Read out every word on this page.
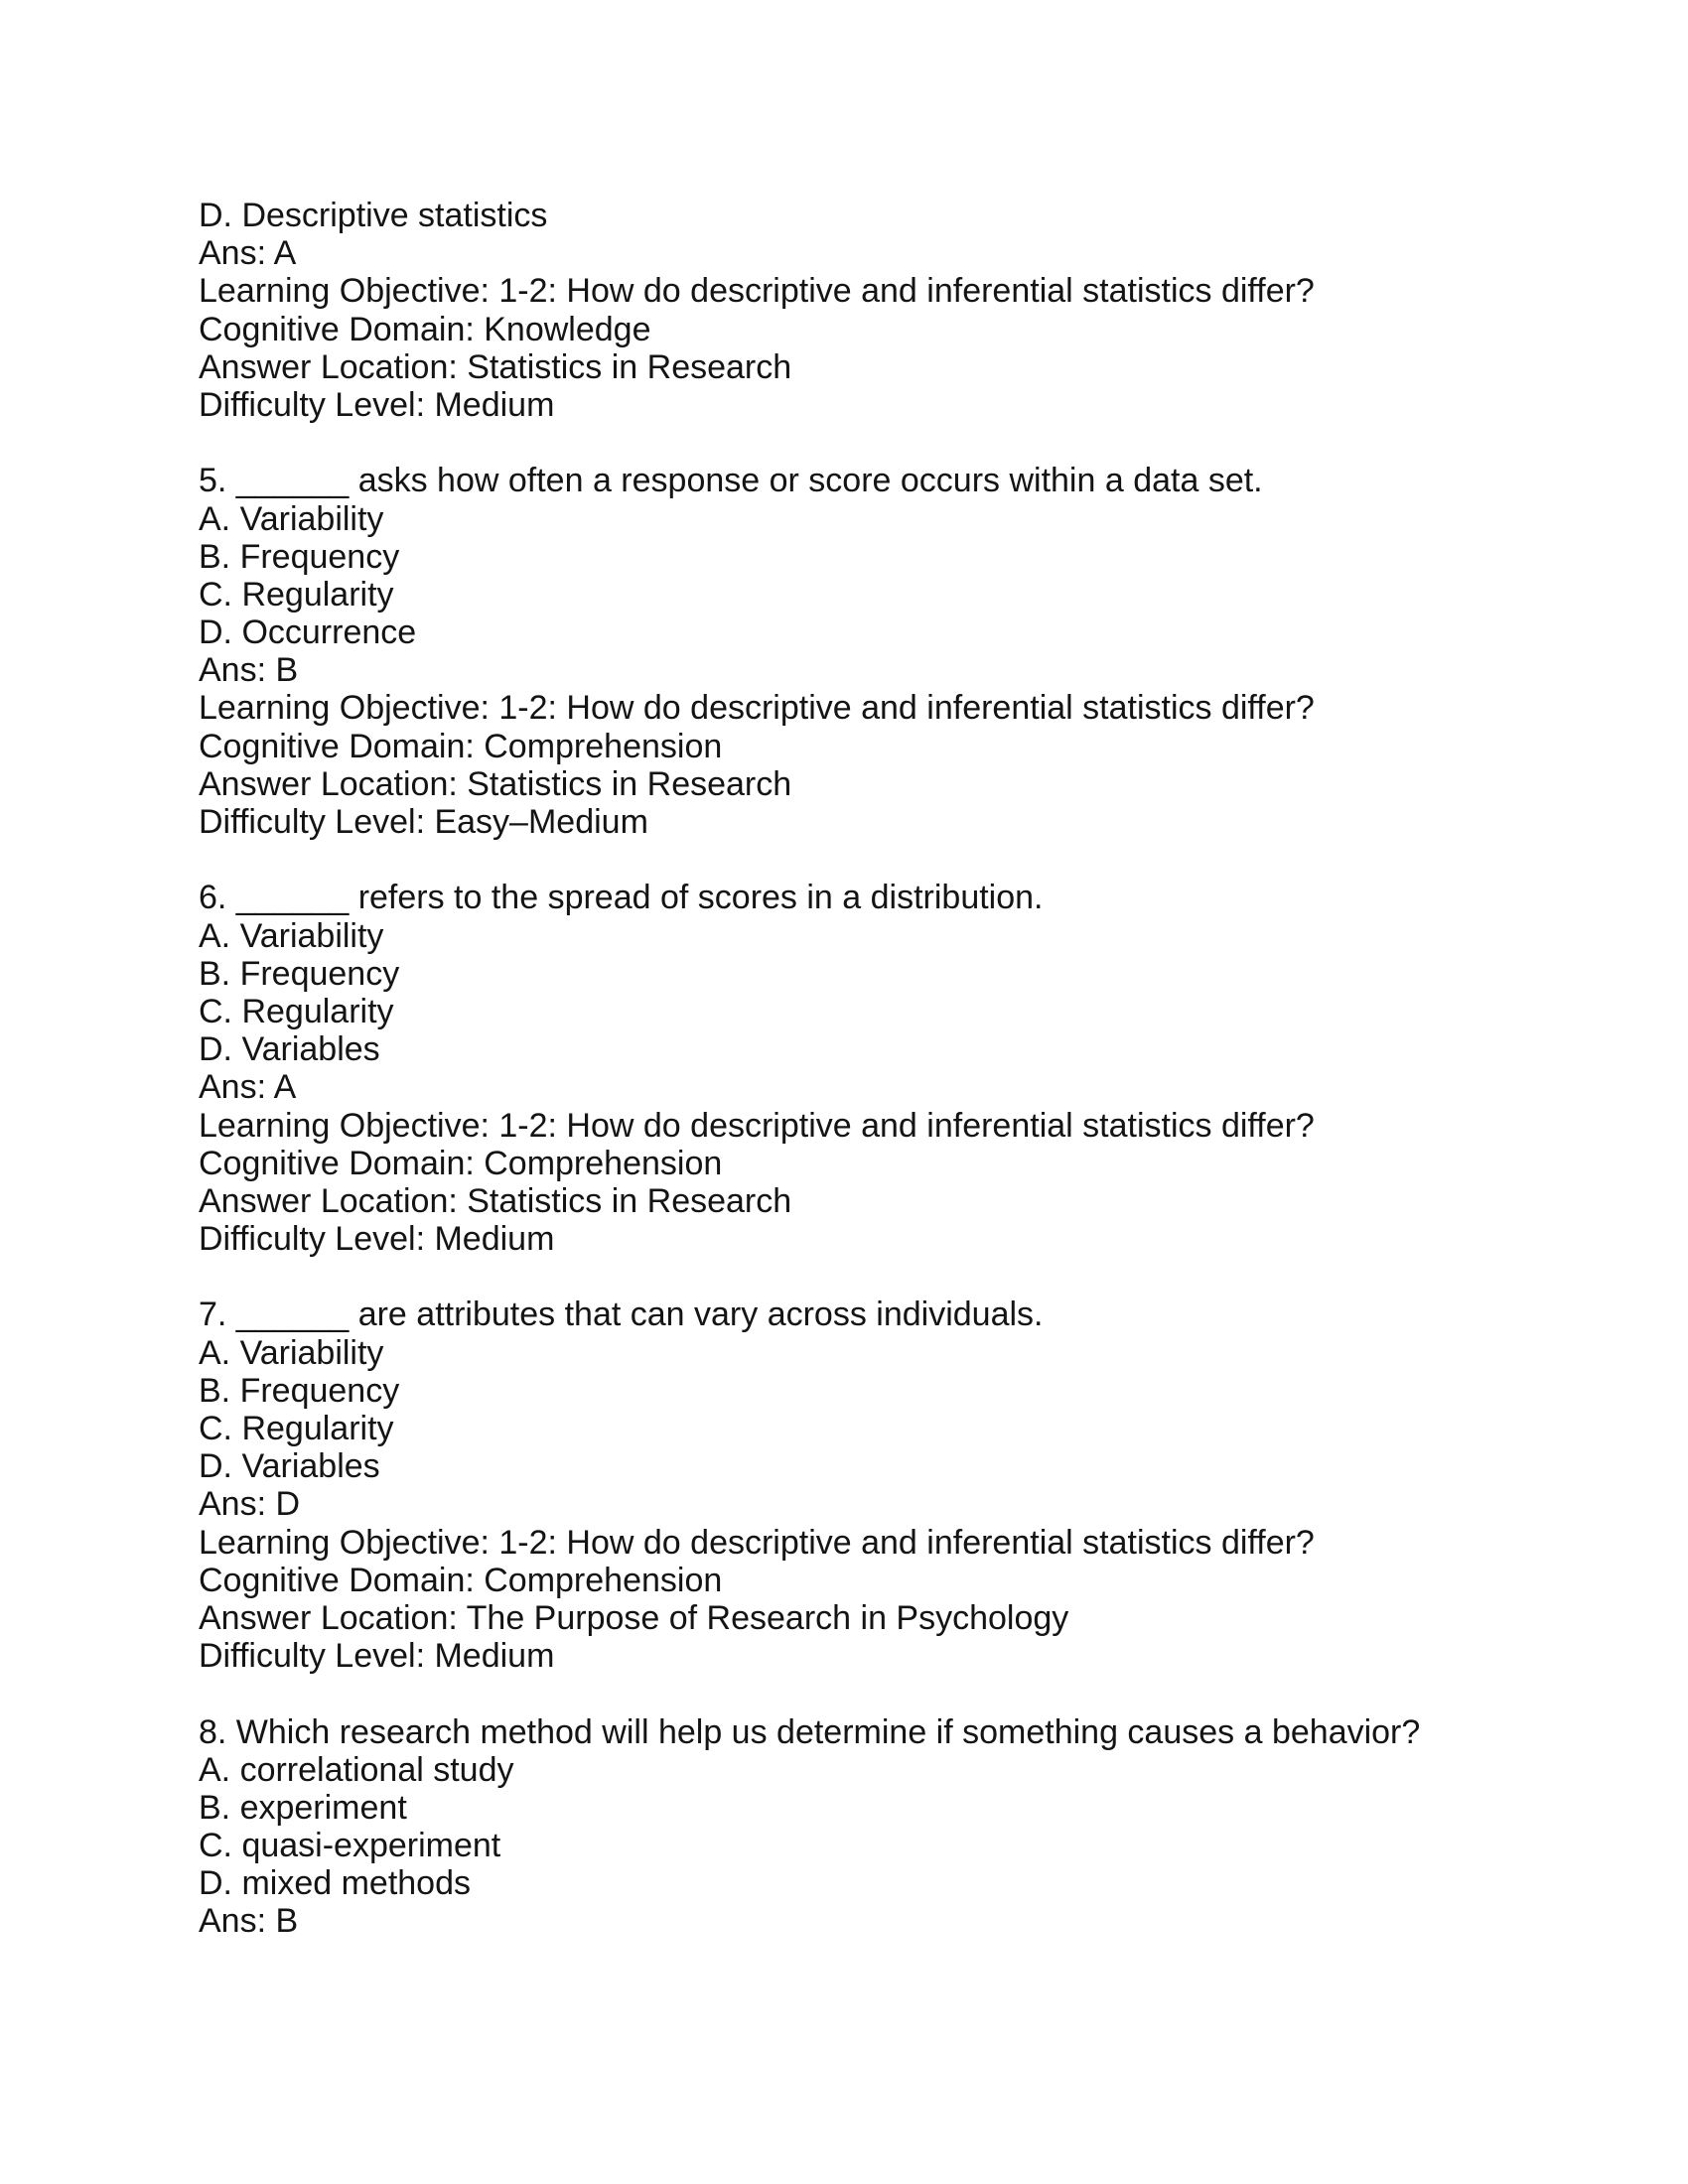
D. Descriptive statistics
Ans: A
Learning Objective: 1-2: How do descriptive and inferential statistics differ?
Cognitive Domain: Knowledge
Answer Location: Statistics in Research
Difficulty Level: Medium
5. ______ asks how often a response or score occurs within a data set.
A. Variability
B. Frequency
C. Regularity
D. Occurrence
Ans: B
Learning Objective: 1-2: How do descriptive and inferential statistics differ?
Cognitive Domain: Comprehension
Answer Location: Statistics in Research
Difficulty Level: Easy–Medium
6. ______ refers to the spread of scores in a distribution.
A. Variability
B. Frequency
C. Regularity
D. Variables
Ans: A
Learning Objective: 1-2: How do descriptive and inferential statistics differ?
Cognitive Domain: Comprehension
Answer Location: Statistics in Research
Difficulty Level: Medium
7. ______ are attributes that can vary across individuals.
A. Variability
B. Frequency
C. Regularity
D. Variables
Ans: D
Learning Objective: 1-2: How do descriptive and inferential statistics differ?
Cognitive Domain: Comprehension
Answer Location: The Purpose of Research in Psychology
Difficulty Level: Medium
8. Which research method will help us determine if something causes a behavior?
A. correlational study
B. experiment
C. quasi-experiment
D. mixed methods
Ans: B
